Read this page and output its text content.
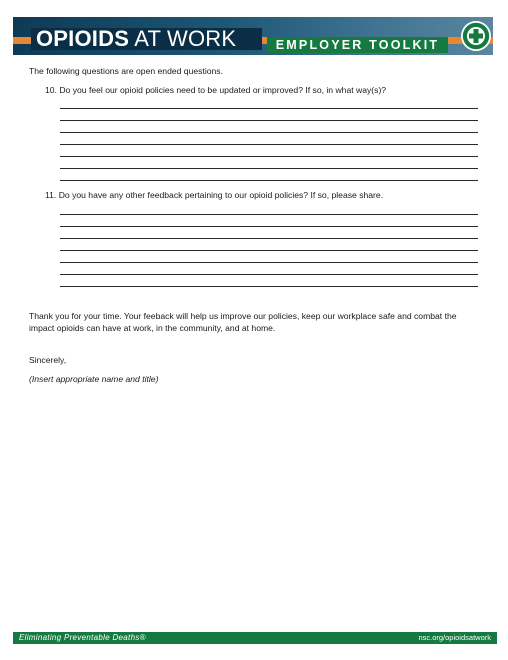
OPIOIDS AT WORK	EMPLOYER TOOLKIT
The following questions are open ended questions.
10. Do you feel our opioid policies need to be updated or improved? If so, in what way(s)?
11. Do you have any other feedback pertaining to our opioid policies? If so, please share.
Thank you for your time. Your feeback will help us improve our policies, keep our workplace safe and combat the impact opioids can have at work, in the community, and at home.
Sincerely,
(Insert appropriate name and title)
Eliminating Preventable Deaths®	nsc.org/opioidsatwork
